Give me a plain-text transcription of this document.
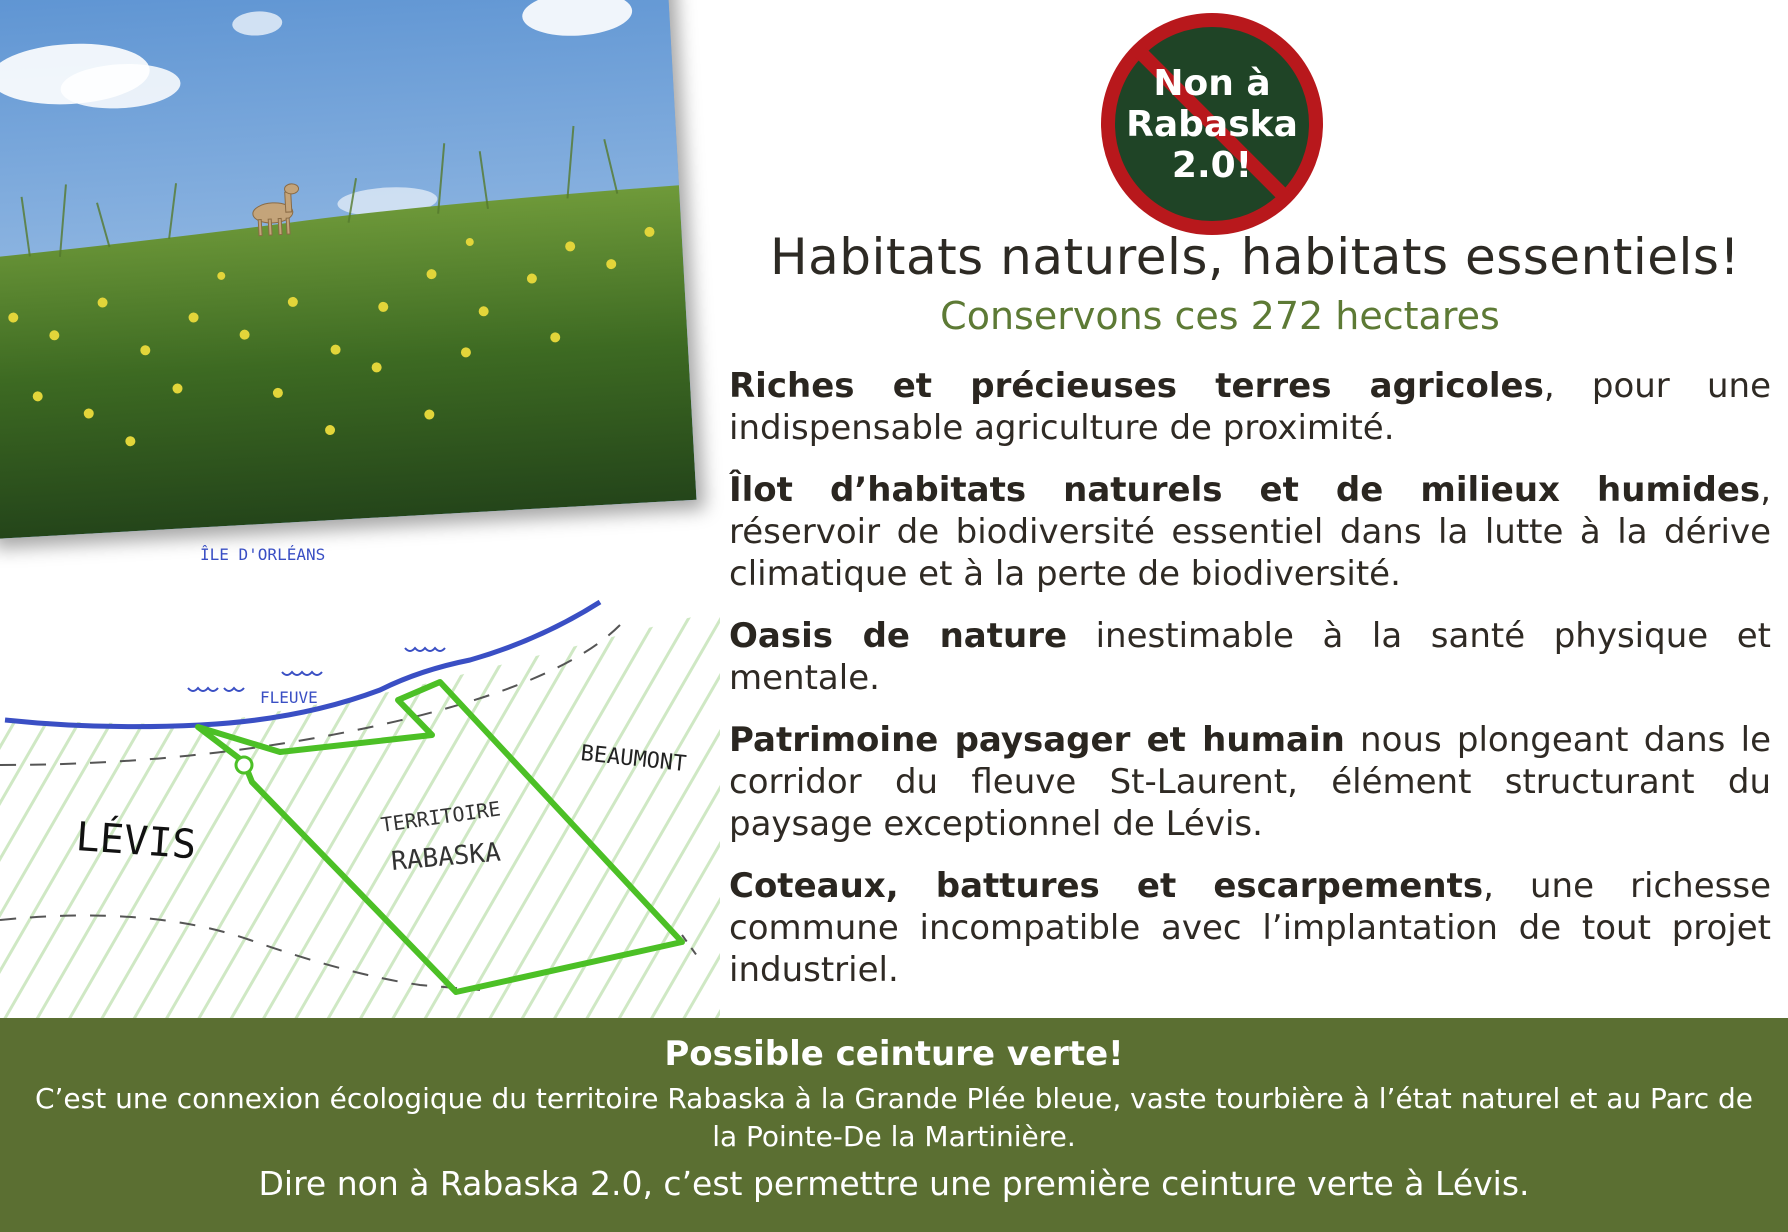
ÎLE D'ORLÉANS
FLEUVE
BEAUMONT
LÉVIS	TERRITOIRE
RABASKA
Non à
Rabaska
2.0!
Habitats naturels, habitats essentiels!
Conservons ces 272 hectares

Riches et précieuses terres agricoles, pour une indispensable agriculture de proximité.

Îlot d’habitats naturels et de milieux humides, réservoir de biodiversité essentiel dans la lutte à la dérive climatique et à la perte de biodiversité.

Oasis de nature inestimable à la santé physique et mentale.

Patrimoine paysager et humain nous plongeant dans le corridor du fleuve St-Laurent, élément structurant du paysage exceptionnel de Lévis.

Coteaux, battures et escarpements, une richesse commune incompatible avec l’implantation de tout projet industriel.

Possible ceinture verte!
C’est une connexion écologique du territoire Rabaska à la Grande Plée bleue, vaste tourbière à l’état naturel et au Parc de la Pointe-De la Martinière.
Dire non à Rabaska 2.0, c’est permettre une première ceinture verte à Lévis.
